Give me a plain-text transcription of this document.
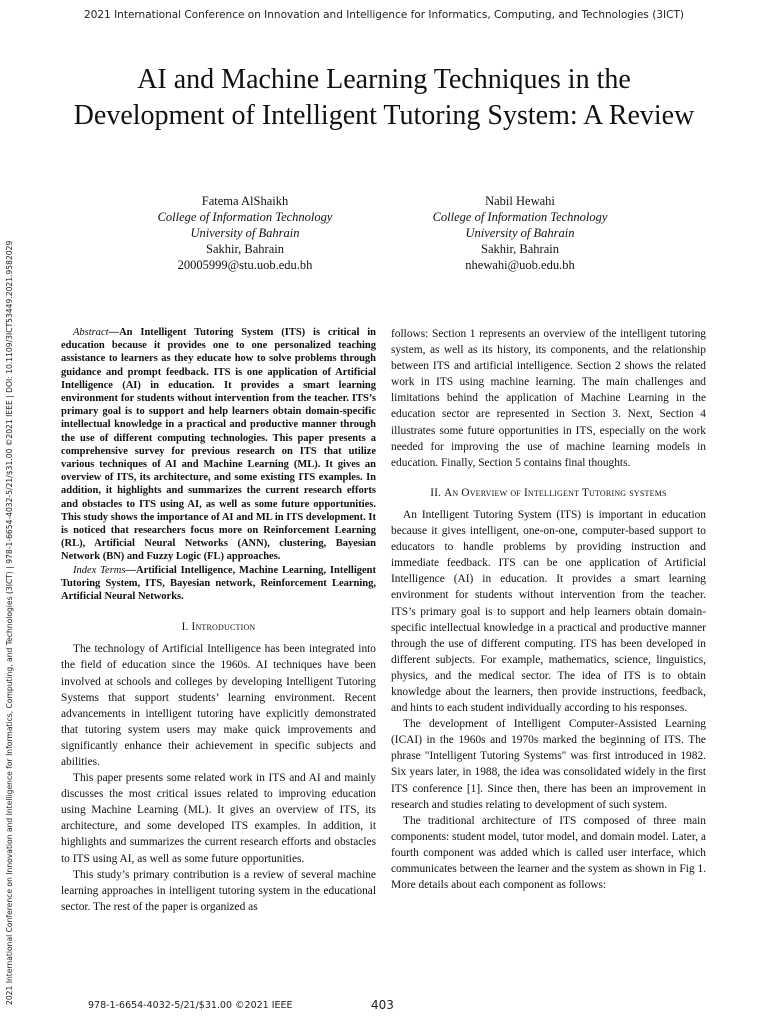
2021 International Conference on Innovation and Intelligence for Informatics, Computing, and Technologies (3ICT)
2021 International Conference on Innovation and Intelligence for Informatics, Computing, and Technologies (3ICT) | 978-1-6654-4032-5/21/$31.00 ©2021 IEEE | DOI: 10.1109/3ICT53449.2021.9582029
AI and Machine Learning Techniques in the Development of Intelligent Tutoring System: A Review
Fatema AlShaikh
College of Information Technology
University of Bahrain
Sakhir, Bahrain
20005999@stu.uob.edu.bh
Nabil Hewahi
College of Information Technology
University of Bahrain
Sakhir, Bahrain
nhewahi@uob.edu.bh

Abstract—An Intelligent Tutoring System (ITS) is critical in education because it provides one to one personalized teaching assistance to learners as they educate how to solve problems through guidance and prompt feedback. ITS is one application of Artificial Intelligence (AI) in education. It provides a smart learning environment for students without intervention from the teacher. ITS’s primary goal is to support and help learners obtain domain-specific intellectual knowledge in a practical and productive manner through the use of different computing technologies. This paper presents a comprehensive survey for previous research on ITS that utilize various techniques of AI and Machine Learning (ML). It gives an overview of ITS, its architecture, and some existing ITS examples. In addition, it highlights and summarizes the current research efforts and obstacles to ITS using AI, as well as some future opportunities. This study shows the importance of AI and ML in ITS development. It is noticed that researchers focus more on Reinforcement Learning (RL), Artificial Neural Networks (ANN), clustering, Bayesian Network (BN) and Fuzzy Logic (FL) approaches.

Index Terms—Artificial Intelligence, Machine Learning, Intelligent Tutoring System, ITS, Bayesian network, Reinforcement Learning, Artificial Neural Networks.

I. Introduction

The technology of Artificial Intelligence has been integrated into the field of education since the 1960s. AI techniques have been involved at schools and colleges by developing Intelligent Tutoring Systems that support students’ learning environment. Recent advancements in intelligent tutoring have explicitly demonstrated that tutoring system users may make quick improvements and significantly enhance their achievement in specific subjects and abilities.

This paper presents some related work in ITS and AI and mainly discusses the most critical issues related to improving education using Machine Learning (ML). It gives an overview of ITS, its architecture, and some developed ITS examples. In addition, it highlights and summarizes the current research efforts and obstacles to ITS using AI, as well as some future opportunities.

This study’s primary contribution is a review of several machine learning approaches in intelligent tutoring system in the educational sector. The rest of the paper is organized as

follows: Section 1 represents an overview of the intelligent tutoring system, as well as its history, its components, and the relationship between ITS and artificial intelligence. Section 2 shows the related work in ITS using machine learning. The main challenges and limitations behind the application of Machine Learning in the education sector are represented in Section 3. Next, Section 4 illustrates some future opportunities in ITS, especially on the work needed for improving the use of machine learning models in education. Finally, Section 5 contains final thoughts.

II. An Overview of Intelligent Tutoring systems

An Intelligent Tutoring System (ITS) is important in education because it gives intelligent, one-on-one, computer-based support to educators to handle problems by providing instruction and immediate feedback. ITS can be one application of Artificial Intelligence (AI) in education. It provides a smart learning environment for students without intervention from the teacher. ITS’s primary goal is to support and help learners obtain domain-specific intellectual knowledge in a practical and productive manner through the use of different computing. ITS has been developed in different subjects. For example, mathematics, science, linguistics, physics, and the medical sector. The idea of ITS is to obtain knowledge about the learners, then provide instructions, feedback, and hints to each student individually according to his responses.

The development of Intelligent Computer-Assisted Learning (ICAI) in the 1960s and 1970s marked the beginning of ITS. The phrase "Intelligent Tutoring Systems" was first introduced in 1982. Six years later, in 1988, the idea was consolidated widely in the first ITS conference [1]. Since then, there has been an improvement in research and studies relating to development of such system.

The traditional architecture of ITS composed of three main components: student model, tutor model, and domain model. Later, a fourth component was added which is called user interface, which communicates between the learner and the system as shown in Fig 1. More details about each component as follows:

978-1-6654-4032-5/21/$31.00 ©2021 IEEE	403
